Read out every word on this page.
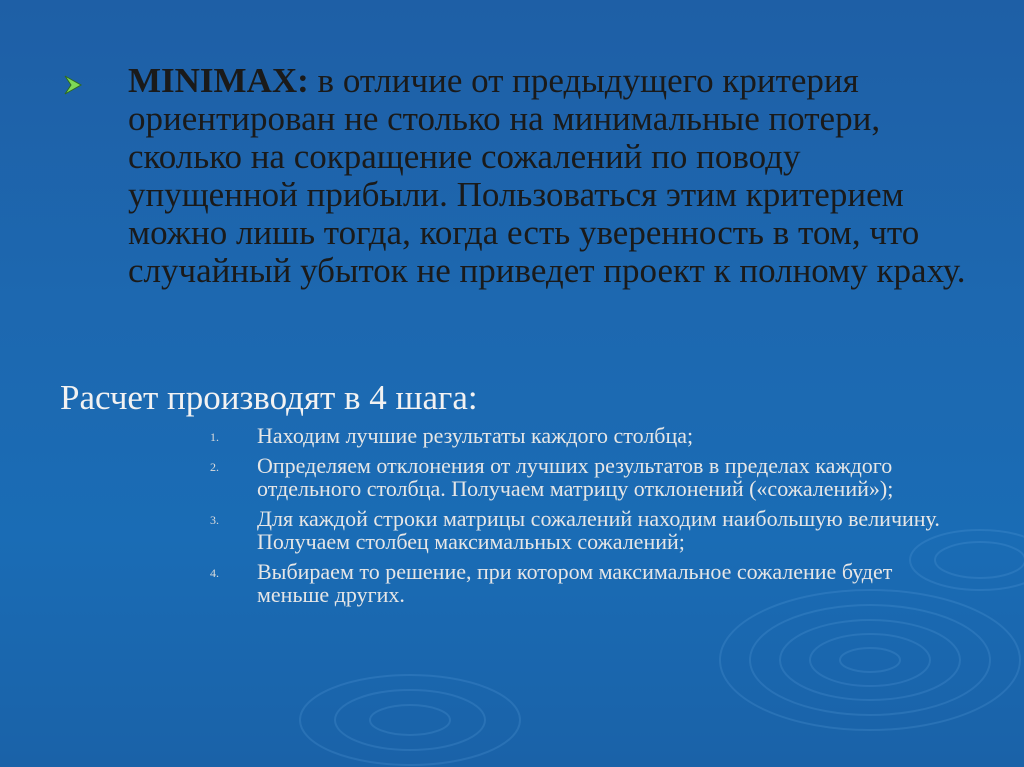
MINIMAX: в отличие от предыдущего критерия ориентирован не столько на минимальные потери, сколько на сокращение сожалений по поводу упущенной прибыли. Пользоваться этим критерием можно лишь тогда, когда есть уверенность в том, что случайный убыток не приведет проект к полному краху.
Расчет производят в 4 шага:
1. Находим лучшие результаты каждого столбца;
2. Определяем отклонения от лучших результатов в пределах каждого отдельного столбца. Получаем матрицу отклонений («сожалений»);
3. Для каждой строки матрицы сожалений находим наибольшую величину. Получаем столбец максимальных сожалений;
4. Выбираем то решение, при котором максимальное сожаление будет меньше других.
